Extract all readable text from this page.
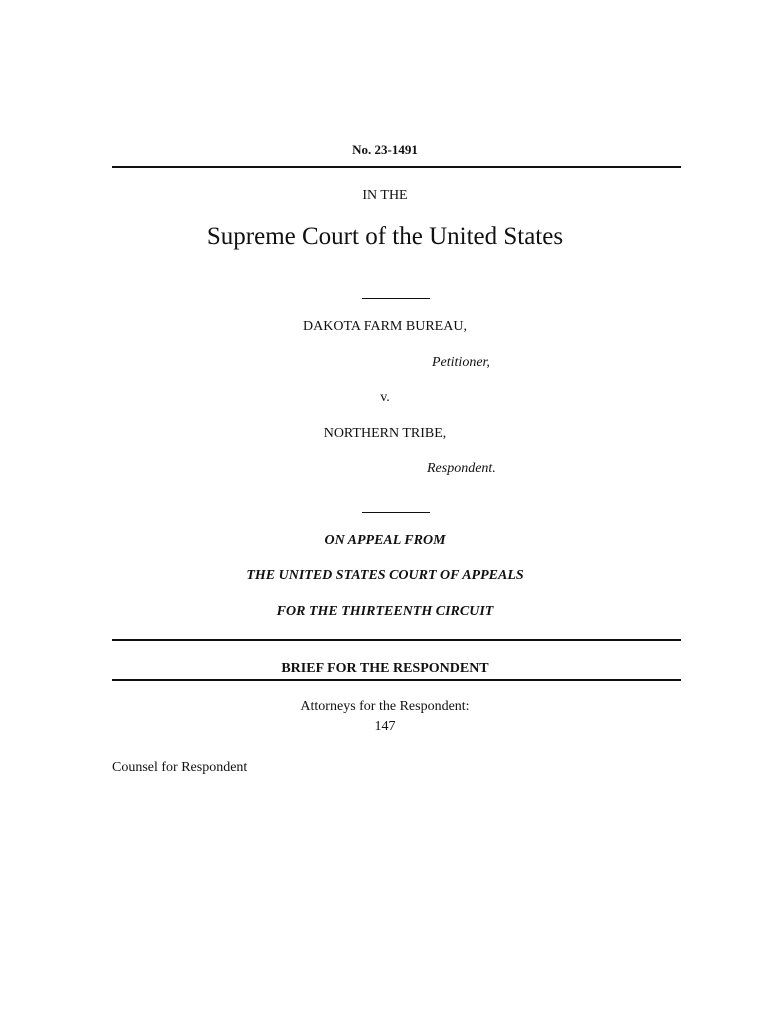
No. 23-1491
IN THE
Supreme Court of the United States
DAKOTA FARM BUREAU,
Petitioner,
v.
NORTHERN TRIBE,
Respondent.
ON APPEAL FROM
THE UNITED STATES COURT OF APPEALS
FOR THE THIRTEENTH CIRCUIT
BRIEF FOR THE RESPONDENT
Attorneys for the Respondent:
147
Counsel for Respondent
